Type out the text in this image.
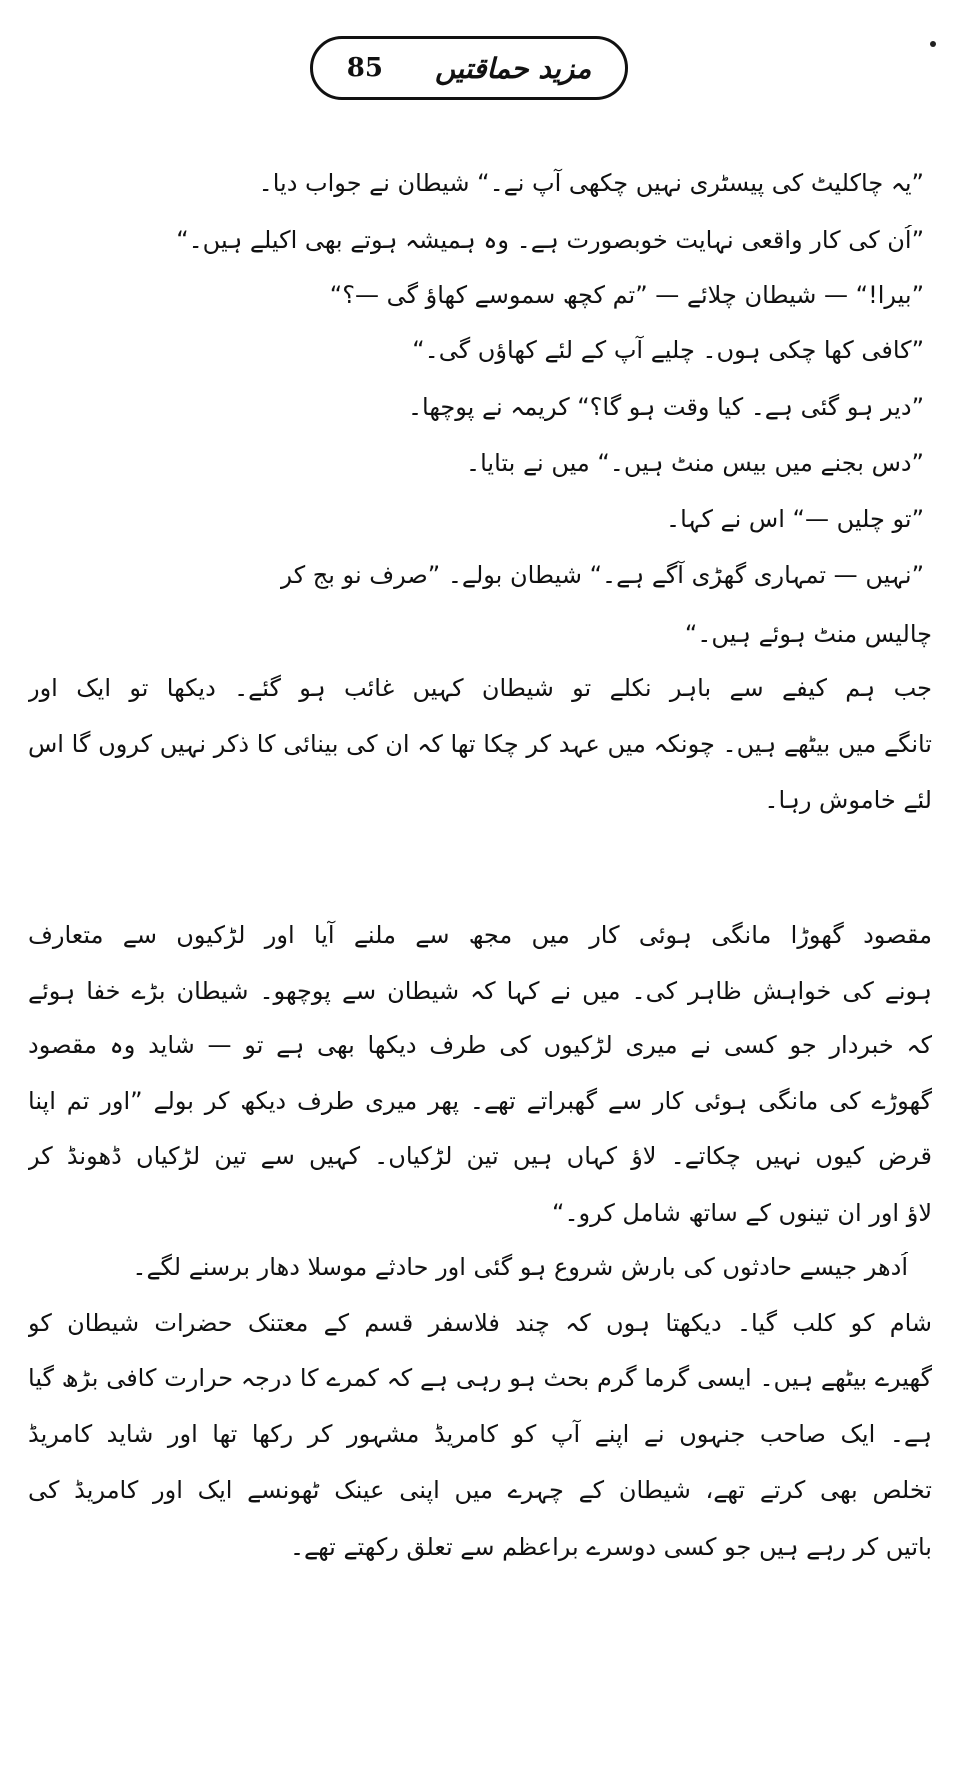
85 مزید حماقتیں
”یہ چاکلیٹ کی پیسٹری نہیں چکھی آپ نے۔“ شیطان نے جواب دیا۔
”اُن کی کار واقعی نہایت خوبصورت ہے۔ وہ ہمیشہ ہوتے بھی اکیلے ہیں۔“
”بیرا!“ — شیطان چلائے — ”تم کچھ سموسے کھاؤ گی —؟“
”کافی کھا چکی ہوں۔ چلیے آپ کے لئے کھاؤں گی۔“
”دیر ہو گئی ہے۔ کیا وقت ہو گا؟“ کریمہ نے پوچھا۔
”دس بجنے میں بیس منٹ ہیں۔“ میں نے بتایا۔
”تو چلیں —“ اس نے کہا۔
”نہیں — تمہاری گھڑی آگے ہے۔“ شیطان بولے۔ ”صرف نو بج کر
چالیس منٹ ہوئے ہیں۔“
جب ہم کیفے سے باہر نکلے تو شیطان کہیں غائب ہو گئے۔ دیکھا تو ایک اور
تانگے میں بیٹھے ہیں۔ چونکہ میں عہد کر چکا تھا کہ ان کی بینائی کا ذکر نہیں کروں گا اس
لئے خاموش رہا۔
مقصود گھوڑا مانگی ہوئی کار میں مجھ سے ملنے آیا اور لڑکیوں سے متعارف
ہونے کی خواہش ظاہر کی۔ میں نے کہا کہ شیطان سے پوچھو۔ شیطان بڑے خفا ہوئے
کہ خبردار جو کسی نے میری لڑکیوں کی طرف دیکھا بھی ہے تو — شاید وہ مقصود
گھوڑے کی مانگی ہوئی کار سے گھبراتے تھے۔ پھر میری طرف دیکھ کر بولے ”اور تم اپنا
قرض کیوں نہیں چکاتے۔ لاؤ کہاں ہیں تین لڑکیاں۔ کہیں سے تین لڑکیاں ڈھونڈ کر
لاؤ اور ان تینوں کے ساتھ شامل کرو۔“
اُدھر جیسے حادثوں کی بارش شروع ہو گئی اور حادثے موسلا دھار برسنے لگے۔
شام کو کلب گیا۔ دیکھتا ہوں کہ چند فلاسفر قسم کے معتنک حضرات شیطان کو
گھیرے بیٹھے ہیں۔ ایسی گرما گرم بحث ہو رہی ہے کہ کمرے کا درجہ حرارت کافی بڑھ گیا
ہے۔ ایک صاحب جنہوں نے اپنے آپ کو کامریڈ مشہور کر رکھا تھا اور شاید کامریڈ
تخلص بھی کرتے تھے، شیطان کے چہرے میں اپنی عینک ٹھونسے ایک اور کامریڈ کی
باتیں کر رہے ہیں جو کسی دوسرے براعظم سے تعلق رکھتے تھے۔
